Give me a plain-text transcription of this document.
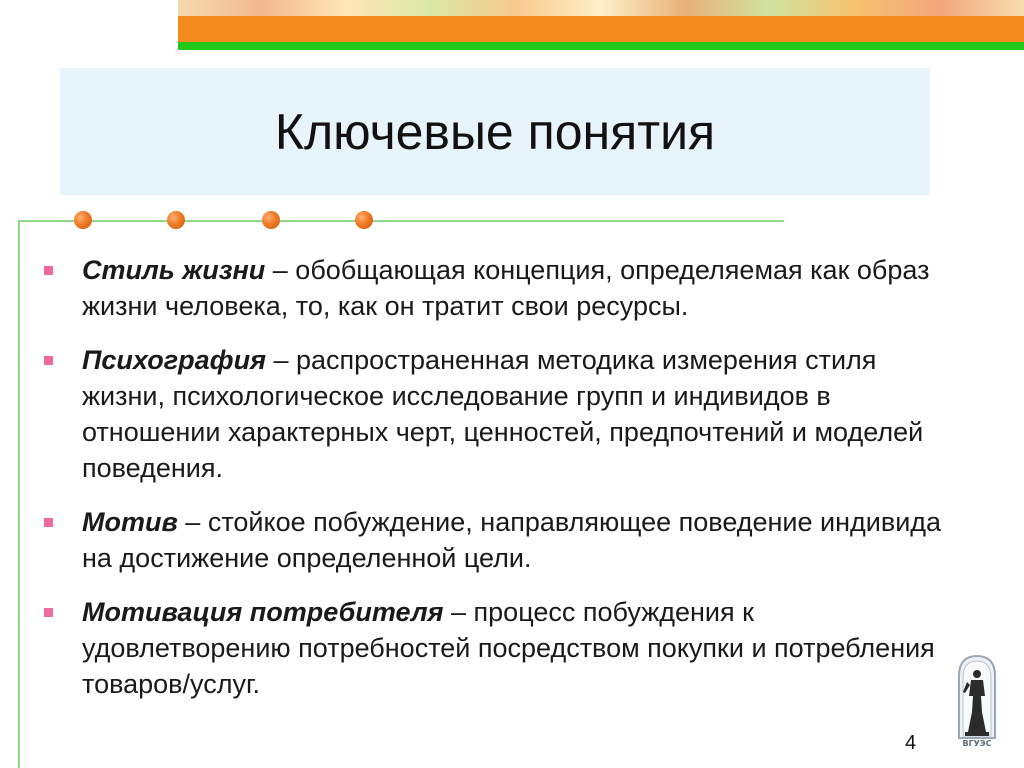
Ключевые понятия
Стиль жизни – обобщающая концепция, определяемая как образ жизни человека, то, как он тратит свои ресурсы.
Психография – распространенная методика измерения стиля жизни, психологическое исследование групп и индивидов в отношении характерных черт, ценностей, предпочтений и моделей поведения.
Мотив – стойкое побуждение, направляющее поведение индивида на достижение определенной цели.
Мотивация потребителя – процесс побуждения к удовлетворению потребностей посредством покупки и потребления товаров/услуг.
ВГУЭС
4
